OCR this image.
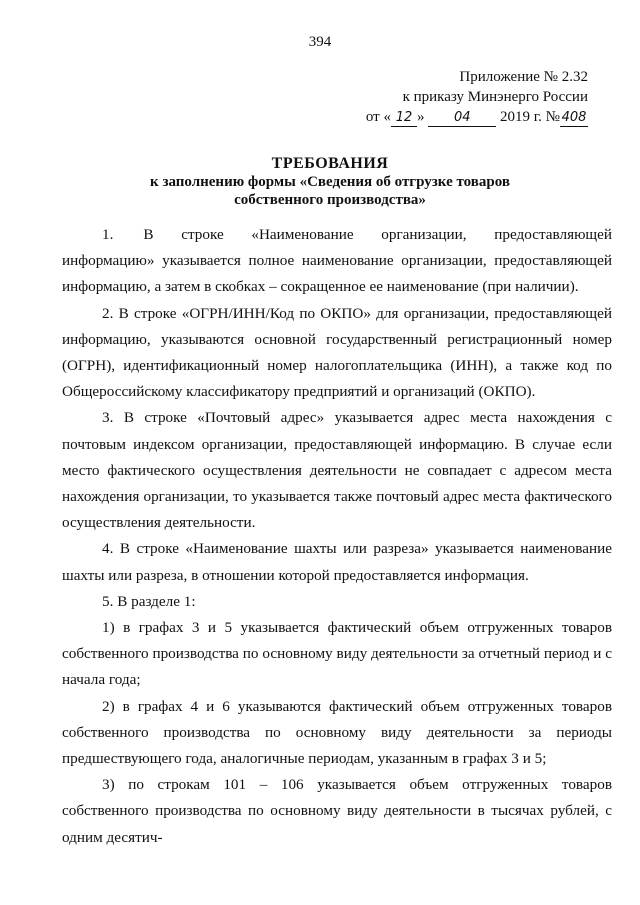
394
Приложение № 2.32
к приказу Минэнерго России
от « 12 » 04 2019 г. № 408
ТРЕБОВАНИЯ
к заполнению формы «Сведения об отгрузке товаров
собственного производства»

1. В строке «Наименование организации, предоставляющей информацию» указывается полное наименование организации, предоставляющей информацию, а затем в скобках – сокращенное ее наименование (при наличии).

2. В строке «ОГРН/ИНН/Код по ОКПО» для организации, предоставляющей информацию, указываются основной государственный регистрационный номер (ОГРН), идентификационный номер налогоплательщика (ИНН), а также код по Общероссийскому классификатору предприятий и организаций (ОКПО).

3. В строке «Почтовый адрес» указывается адрес места нахождения с почтовым индексом организации, предоставляющей информацию. В случае если место фактического осуществления деятельности не совпадает с адресом места нахождения организации, то указывается также почтовый адрес места фактического осуществления деятельности.

4. В строке «Наименование шахты или разреза» указывается наименование шахты или разреза, в отношении которой предоставляется информация.

5. В разделе 1:

1) в графах 3 и 5 указывается фактический объем отгруженных товаров собственного производства по основному виду деятельности за отчетный период и с начала года;

2) в графах 4 и 6 указываются фактический объем отгруженных товаров собственного производства по основному виду деятельности за периоды предшествующего года, аналогичные периодам, указанным в графах 3 и 5;

3) по строкам 101 – 106 указывается объем отгруженных товаров собственного производства по основному виду деятельности в тысячах рублей, с одним десятич-
